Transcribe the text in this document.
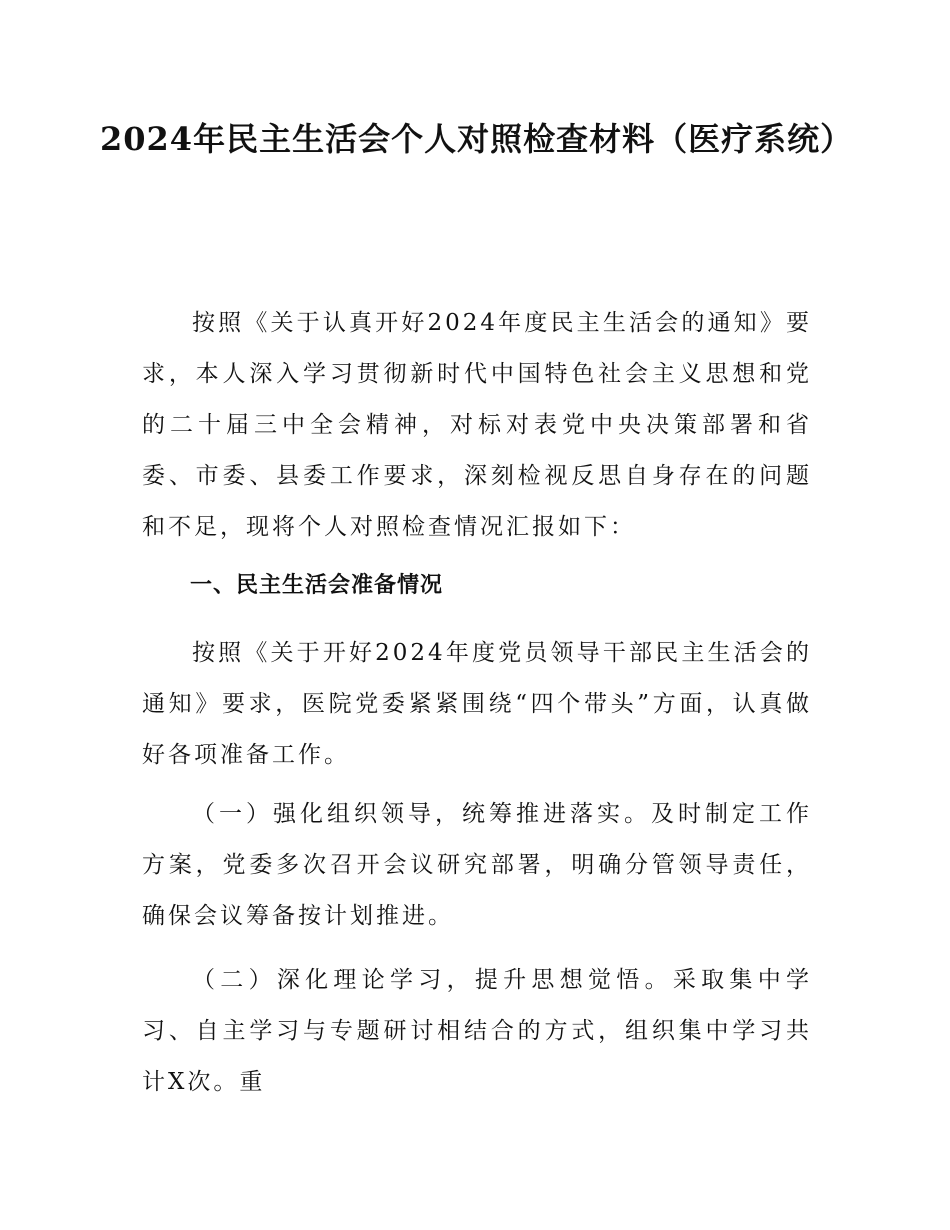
2024年民主生活会个人对照检查材料（医疗系统）

按照《关于认真开好2024年度民主生活会的通知》要求，本人深入学习贯彻新时代中国特色社会主义思想和党的二十届三中全会精神，对标对表党中央决策部署和省委、市委、县委工作要求，深刻检视反思自身存在的问题和不足，现将个人对照检查情况汇报如下：

一、民主生活会准备情况

按照《关于开好2024年度党员领导干部民主生活会的通知》要求，医院党委紧紧围绕“四个带头”方面，认真做好各项准备工作。

（一）强化组织领导，统筹推进落实。及时制定工作方案，党委多次召开会议研究部署，明确分管领导责任，确保会议筹备按计划推进。

（二）深化理论学习，提升思想觉悟。采取集中学习、自主学习与专题研讨相结合的方式，组织集中学习共计X次。重
